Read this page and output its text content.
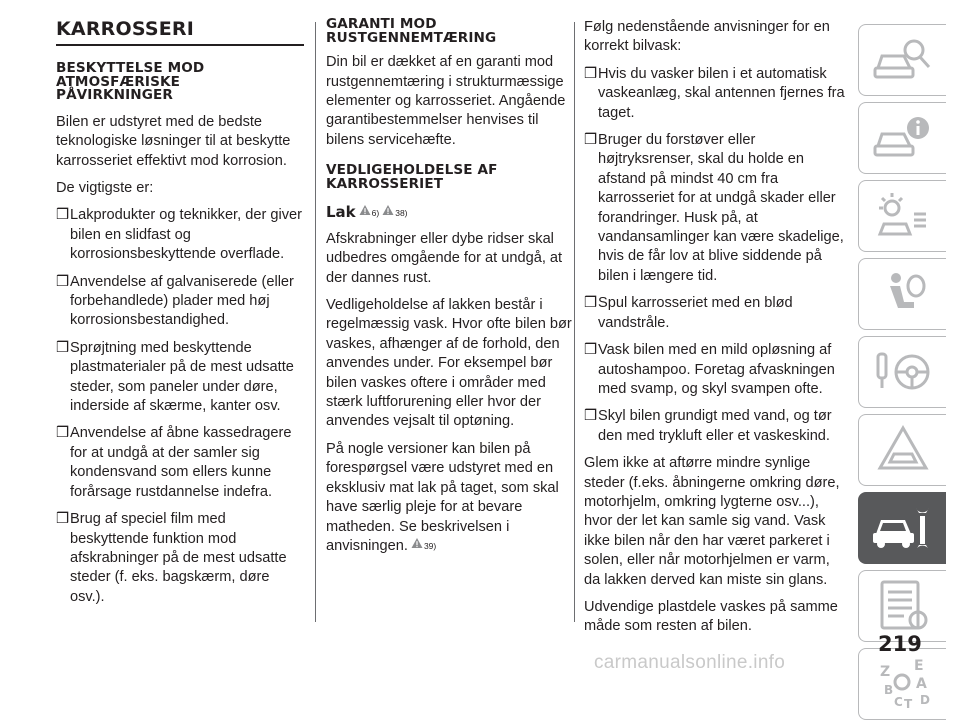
KARROSSERI
BESKYTTELSE MOD
ATMOSFÆRISKE
PÅVIRKNINGER

Bilen er udstyret med de bedste teknologiske løsninger til at beskytte karrosseriet effektivt mod korrosion.

De vigtigste er:

❒ Lakprodukter og teknikker, der giver bilen en slidfast og korrosionsbeskyttende overflade.
❒ Anvendelse af galvaniserede (eller forbehandlede) plader med høj korrosionsbestandighed.
❒ Sprøjtning med beskyttende plastmaterialer på de mest udsatte steder, som paneler under døre, inderside af skærme, kanter osv.
❒ Anvendelse af åbne kassedragere for at undgå at der samler sig kondensvand som ellers kunne forårsage rustdannelse indefra.
❒ Brug af speciel film med beskyttende funktion mod afskrabninger på de mest udsatte steder (f. eks. bagskærm, døre osv.).
GARANTI MOD
RUSTGENNEMTÆRING

Din bil er dækket af en garanti mod rustgennemtæring i strukturmæssige elementer og karrosseriet. Angående garantibestemmelser henvises til bilens servicehæfte.

VEDLIGEHOLDELSE AF
KARROSSERIET
Lak 6) 38)

Afskrabninger eller dybe ridser skal udbedres omgående for at undgå, at der dannes rust.

Vedligeholdelse af lakken består i regelmæssig vask. Hvor ofte bilen bør vaskes, afhænger af de forhold, den anvendes under. For eksempel bør bilen vaskes oftere i områder med stærk luftforurening eller hvor der anvendes vejsalt til optøning.

På nogle versioner kan bilen på forespørgsel være udstyret med en eksklusiv mat lak på taget, som skal have særlig pleje for at bevare matheden. Se beskrivelsen i anvisningen. 39)

Følg nedenstående anvisninger for en korrekt bilvask:

❒ Hvis du vasker bilen i et automatisk vaskeanlæg, skal antennen fjernes fra taget.
❒ Bruger du forstøver eller højtryksrenser, skal du holde en afstand på mindst 40 cm fra karrosseriet for at undgå skader eller forandringer. Husk på, at vandansamlinger kan være skadelige, hvis de får lov at blive siddende på bilen i længere tid.
❒ Spul karrosseriet med en blød vandstråle.
❒ Vask bilen med en mild opløsning af autoshampoo. Foretag afvaskningen med svamp, og skyl svampen ofte.
❒ Skyl bilen grundigt med vand, og tør den med trykluft eller et vaskeskind.

Glem ikke at aftørre mindre synlige steder (f.eks. åbningerne omkring døre, motorhjelm, omkring lygterne osv...), hvor der let kan samle sig vand. Vask ikke bilen når den har været parkeret i solen, eller når motorhjelmen er varm, da lakken derved kan miste sin glans.

Udvendige plastdele vaskes på samme måde som resten af bilen.

Z E
A
B
C T D
219
carmanualsonline.info
